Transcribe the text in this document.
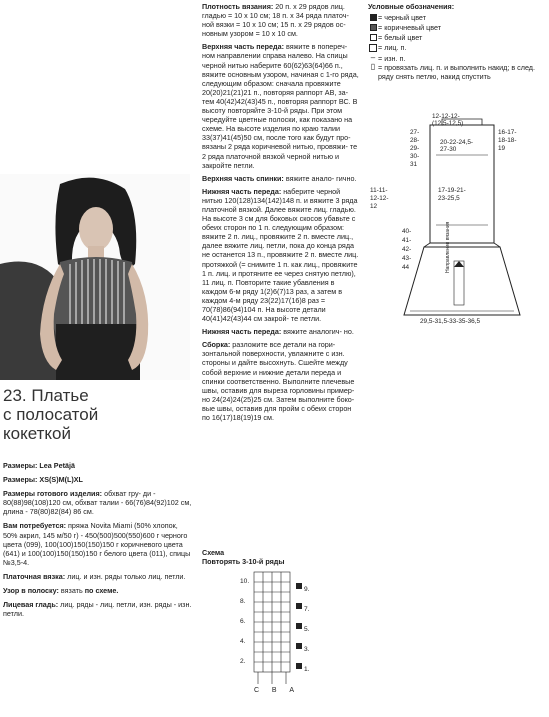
23. Платье
с полосатой
кокеткой

Размеры: Lea Petäjä

Размеры: XS(S)M(L)XL

Размеры готового изделия: обхват гру- ди - 80(88)98(108)120 см, обхват талии - 66(76)84(92)102 см, длина - 78(80)82(84) 86 см.

Вам потребуется: пряжа Novita Miami (50% хлопок, 50% акрил, 145 м/50 г) - 450(500)500(550)600 г черного цвета (099), 100(100)150(150)150 г коричневого цвета (641) и 100(100)150(150)150 г белого цвета (011), спицы №3,5-4.

Платочная вязка: лиц. и изн. ряды только лиц. петли.

Узор в полоску: вязать по схеме.

Лицевая гладь: лиц. ряды - лиц. петли, изн. ряды - изн. петли.

Плотность вязания: 20 п. х 29 рядов лиц. гладью = 10 х 10 см; 18 п. х 34 ряда платоч- ной вязки = 10 х 10 см; 15 п. х 29 рядов ос- новным узором = 10 х 10 см.

Верхняя часть переда: вяжите в попереч- ном направлении справа налево. На спицы черной нитью наберите 60(62)63(64)66 п., вяжите основным узором, начиная с 1-го ряда, следующим образом: сначала провяжите 20(20)21(21)21 п., повторяя раппорт АВ, за- тем 40(42)42(43)45 п., повторяя раппорт ВС. В высоту повторяйте 3-10-й ряды. При этом чередуйте цветные полоски, как показано на схеме. На высоте изделия по краю талии 33(37)41(45)50 см, после того как будут про- вязаны 2 ряда коричневой нитью, провяжи- те 2 ряда платочной вязкой черной нитью и закройте петли.

Верхняя часть спинки: вяжите анало- гично.

Нижняя часть переда: наберите черной нитью 120(128)134(142)148 п. и вяжите 3 ряда платочной вязкой. Далее вяжите лиц. гладью. На высоте 3 см для боковых скосов убавьте с обеих сторон по 1 п. следующим образом: вяжите 2 п. лиц., провяжите 2 п. вместе лиц., далее вяжите лиц. петли, пока до конца ряда не останется 13 п., провяжите 2 п. вместе лиц. протяжкой (= снимите 1 п. как лиц., провяжите 1 п. лиц. и протяните ее через снятую петлю), 11 лиц. п. Повторите такие убавления в каждом 6-м ряду 1(2)6(7)13 раз, а затем в каждом 4-м ряду 23(22)17(16)8 раз = 70(78)86(94)104 п. На высоте детали 40(41)42(43)44 см закрой- те петли.

Нижняя часть переда: вяжите аналогич- но.

Сборка: разложите все детали на гори- зонтальной поверхности, увлажните с изн. стороны и дайте высохнуть. Сшейте между собой верхние и нижние детали переда и спинки соответственно. Выполните плечевые швы, оставив для выреза горловины пример- но 24(24)24(25)25 см. Затем выполните боко- вые швы, оставив для пройм с обеих сторон по 16(17)18(19)19 см.

Условные обозначения:
= черный цвет
= коричневый цвет
= белый цвет
= лиц. п.
– = изн. п.
▯ = провязать лиц. п. и выполнить накид; в след. ряду снять петлю, накид спустить
12-12-12-
(12,5-12,5)
27-
28-
29-
30-
31
20-22-24,5-
27-30
16-17-
18-18-
19
11-11-
12-12-
12
17-19-21-
23-25,5
40-
41-
42-
43-
44	Направление вязания
29,5-31,5-33-35-36,5
Схема
Повторять 3-10-й ряды
10.
8.
6.
4.
2.
9.
7.
5.
3.
1.
C B A
